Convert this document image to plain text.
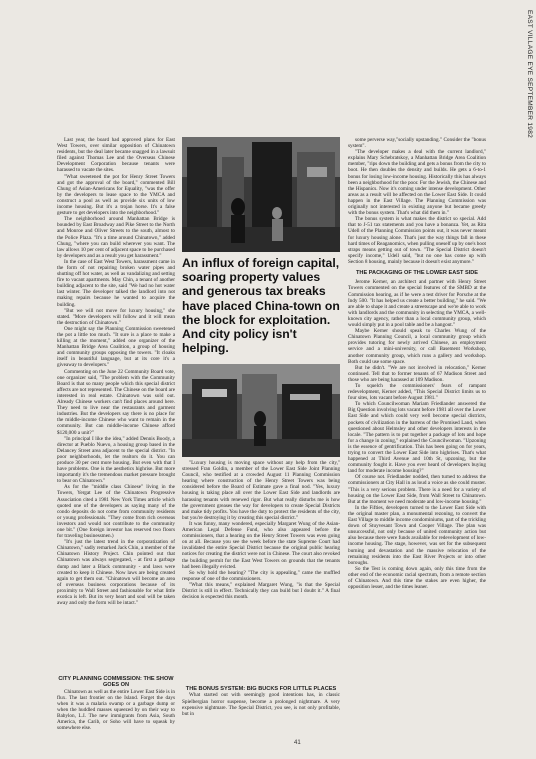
EAST VILLAGE EYE SEPTEMBER 1982

Last year, the board had approved plans for East West Towers, over similar opposition of Chinatown residents, but the deal later became snagged in a lawsuit filed against Thomas Lee and the Overseas Chinese Development Corporation because tenants were harassed to vacate the sites.

"What sweetened the pot for Henry Street Towers and got the approval of the board," commented Bill Chung of Asian-Americans for Equality, "was the offer by the developers to lease space to the YMCA and construct a pool as well as provide six units of low income housing. But it's a trojan horse. It's a false gesture to get developers into the neighborhood."

The neighborhood around Manhattan Bridge is bounded by East Broadway and Pike Street to the North and Monroe and Oliver Streets to the south, almost to the Police Plaza. "It's a time around Chinatown," added Chung, "where you can build wherever you want. The law allows 10 per cent of adjacent space to be purchased by developers and as a result you get harassment."

In the case of East West Towers, harassment came in the form of not repairing broken water pipes and shutting off hot water, as well as vandalizing and setting fire to vacant apartments. May Chin, a tenant of another building adjacent to the site, said "We had no hot water last winter. The developer talked the landlord into not making repairs because he wanted to acquire the building.

"But we will not move for luxury housing," she stated. "More developers will follow and it will mean the destruction of Chinatown."

One might say the Planning Commission sweetened the pot a little too much. "It sure is a place to make a killing at the moment," added one organizer of the Manhattan Bridge Area Coalition, a group of housing and community groups opposing the towers. "It cloaks itself in beautiful language, but at its core it's a giveaway to developers."

Commenting on the June 22 Community Board vote, one organizer said, "The problem with the Community Board is that so many people which this special district affects are not represented. The Chinese on the board are interested in real estate. Chinatown was sold out. Already Chinese workers can't find places around here. They need to live near the restaurants and garment industries. But the developers say there is no place for the middle-income Chinese who want to remain in the community. But can middle-income Chinese afford $120,000 a unit?"

"In principal I like the idea," added Dennis Boody, a director at Pueblo Nuevo, a housing group based in the Delancey Street area adjacent to the special district. "In poor neighborhoods, let the realtors do it. You can produce 30 per cent more housing. But even with that I have problems. One is the aesthetics highrise. But more importantly it's the tremendous market pressure brought to bear on Chinatown."

As for the "middle class Chinese" living in the Towers, Yergat Lee of the Chinatown Progressive Association cited a 1981 New York Times article which quoted one of the developers as saying many of the condo deposits do not come from community residents or young professionals. "They come from rich overseas investors and would not contribute to the community one bit." (One foreign investor has reserved two floors for traveling businessmen.)

"It's just the latest trend in the corporatization of Chinatown," sadly remarked Jack Chin, a member of the Chinatown History Project. Chin pointed out that Chinatown was always segregated, - at first a garbage dump and later a Black community - and laws were created to keep it Chinese. Now laws are being created again to get them out. "Chinatown will become an area of overseas business corporations because of its proximity to Wall Street and fashionable for what little exotica is left. But its very heart and soul will be taken away and only the form will be intact."

CITY PLANNING COMMISSION: THE SHOW GOES ON

Chinatown as well as the entire Lower East Side is in flux. The last frontier on the Island. Forget the days when it was a malaria swamp or a garbage dump or when the huddled masses squeezed by on their way to Babylon, L.I. The new immigrants from Asia, South America, the Carib, or Soho will have to squeak by somewhere else.

An influx of foreign capital, soaring property values and generous tax breaks have placed China-town on the block for exploitation. And city policy isn't helping.

"Luxury housing is moving space without any help from the city," stressed Fran Goldin, a member of the Lower East Side Joint Planning Council, who testified at a crowded August 11 Planning Commission hearing where construction of the Henry Street Towers was being considered before the Board of Estimate gave a final nod. "Yes, luxury housing is taking place all over the Lower East Side and landlords are harassing tenants with renewed rigor. But what really disturbs me is how the government greases the way for developers to create Special Districts and make tidy profits. You have the duty to protect the residents of the city, but you're destroying it by creating this special district."

It was funny, many wondered, especially Margaret Wung of the Asian-American Legal Defense Fund, who also appeared before the commissioners, that a hearing on the Henry Street Towers was even going on at all. Because you see the week before the state Supreme Court had invalidated the entire Special District because the original public hearing notices for creating the district were not in Chinese. The court also revoked the building permit for the East West Towers on grounds that the tenants had been illegally evicted.

So why hold the hearing? "The city is appealing," came the muffled response of one of the commissioners.

"What this means," explained Margaret Wung, "is that the Special District is still in effect. Technically they can build but I doubt it." A final decision is expected this month.

THE BONUS SYSTEM: BIG BUCKS FOR LITTLE PLACES

What started out with seemingly good intentions has, in classic Spielbergian horror suspense, become a prolonged nightmare. A very expensive nightmare. The Special District, you see, is not only profitable, but in

some perverse way,"socially upstanding." Consider the "bonus system".

"The developer makes a deal with the current landlord," explains Mary Schebratskoy, a Manhattan Bridge Area Coalition member, "rips down the building and gets a bonus from the city to boot. He then doubles the density and builds. He gets a 6-to-1 bonus for losing low-income housing. Historically this has always been a neighborhood for the poor. For the Jewish, the Chinese and the Hispanics. Now it's coming under intense development. Other areas as a result will be affected on the Lower East Side. It could happen in the East Village. The Planning Commission was originally not interested in existing anyone but became greedy with the bonus system. That's what did them in."

The bonus system is what makes the district so special. Add that to J-51 tax statements and you have a bonanza. Yet, as Rita Udell of the Planning Commission points out, it was never meant for luxury housing alone. That's just the way things fall in these hard times of Reaganomics, when pulling oneself up by one's boot straps means getting out of town. "The Special District doesn't specify income," Udell said, "but no one has come up with Section 8 housing, mainly because it doesn't exist anymore."

THE PACKAGING OF THE LOWER EAST SIDE

Jerome Kerner, an architect and partner with Henry Street Towers commented on the special features of the SMBD at the Commission hearing, as if he were a test driver for Porsche at the Indy 500. "It has helped us create a better building," he said. "We are able to shape it and create a streetscape and we're able to work with landlords and the community in selecting the YMCA, a well-known city agency, rather than a local community group, which would simply put in a pool table and be a hangout."

Maybe Kerner should speak to Charles Wung of the Chinatown Planning Council, a local community group which provides tutoring for newly arrived Chinese, an employment service and a mini-university, or call Basement Workshop, another community group, which runs a gallery and workshop. Both could use some space.

But he didn't. "We are not involved in relocation," Kerner continued. Tell that to former tenants of 67 Madison Street and those who are being harassed at 109 Madison.

To squelch the commissioners' fears of rampant redevelopment, Kerner added, "This Special District limits us to four sites, lots vacant before August 1981."

To which Councilwoman Mariam Friedlander answered the Big Question involving lots vacant before 1981 all over the Lower East Side and which could very well become special districts, pockets of civilization in the barrens of the Promised Land, when questioned about Helmsley and other developers interests in the locale. "The pattern is to put together a package of lots and hope for a change in zoning," explained the Councilwoman. "Upzoning is the essence of gentrification. This has been going on for years, trying to convert the Lower East Side into highrises. That's what happened at Third Avenue and 10th St, upzoning, but the community fought it. Have you ever heard of developers buying land for moderate income housing?"

Of course not. Friedlander nodded, then turned to address the commissioners at City Hall in as loud a voice as she could muster. "This is a very serious problem. There is a need for a variety of housing on the Lower East Side, from Wall Street to Chinatown. But at the moment we need moderate and low-income housing."

In the Fifties, developers turned to the Lower East Side with the original master plan, a monumental rezoning, to convert the East Village to middle income condominiums, part of the trickling down of Stuyvesant Town and Cooper Village. The plan was unsuccessful, not only because of united community action but also because there were funds available for redevelopment of low-income housing. The stage, however, was set for the subsequent burning and devastation and the massive relocation of the remaining residents into the East River Projects or into other boroughs.

So the Test is coming down again, only this time from the other end of the economic racial spectrum, from a remote section of Chinatown. And this time the stakes are even higher, the opposition lesser, and the times leaner.

41
